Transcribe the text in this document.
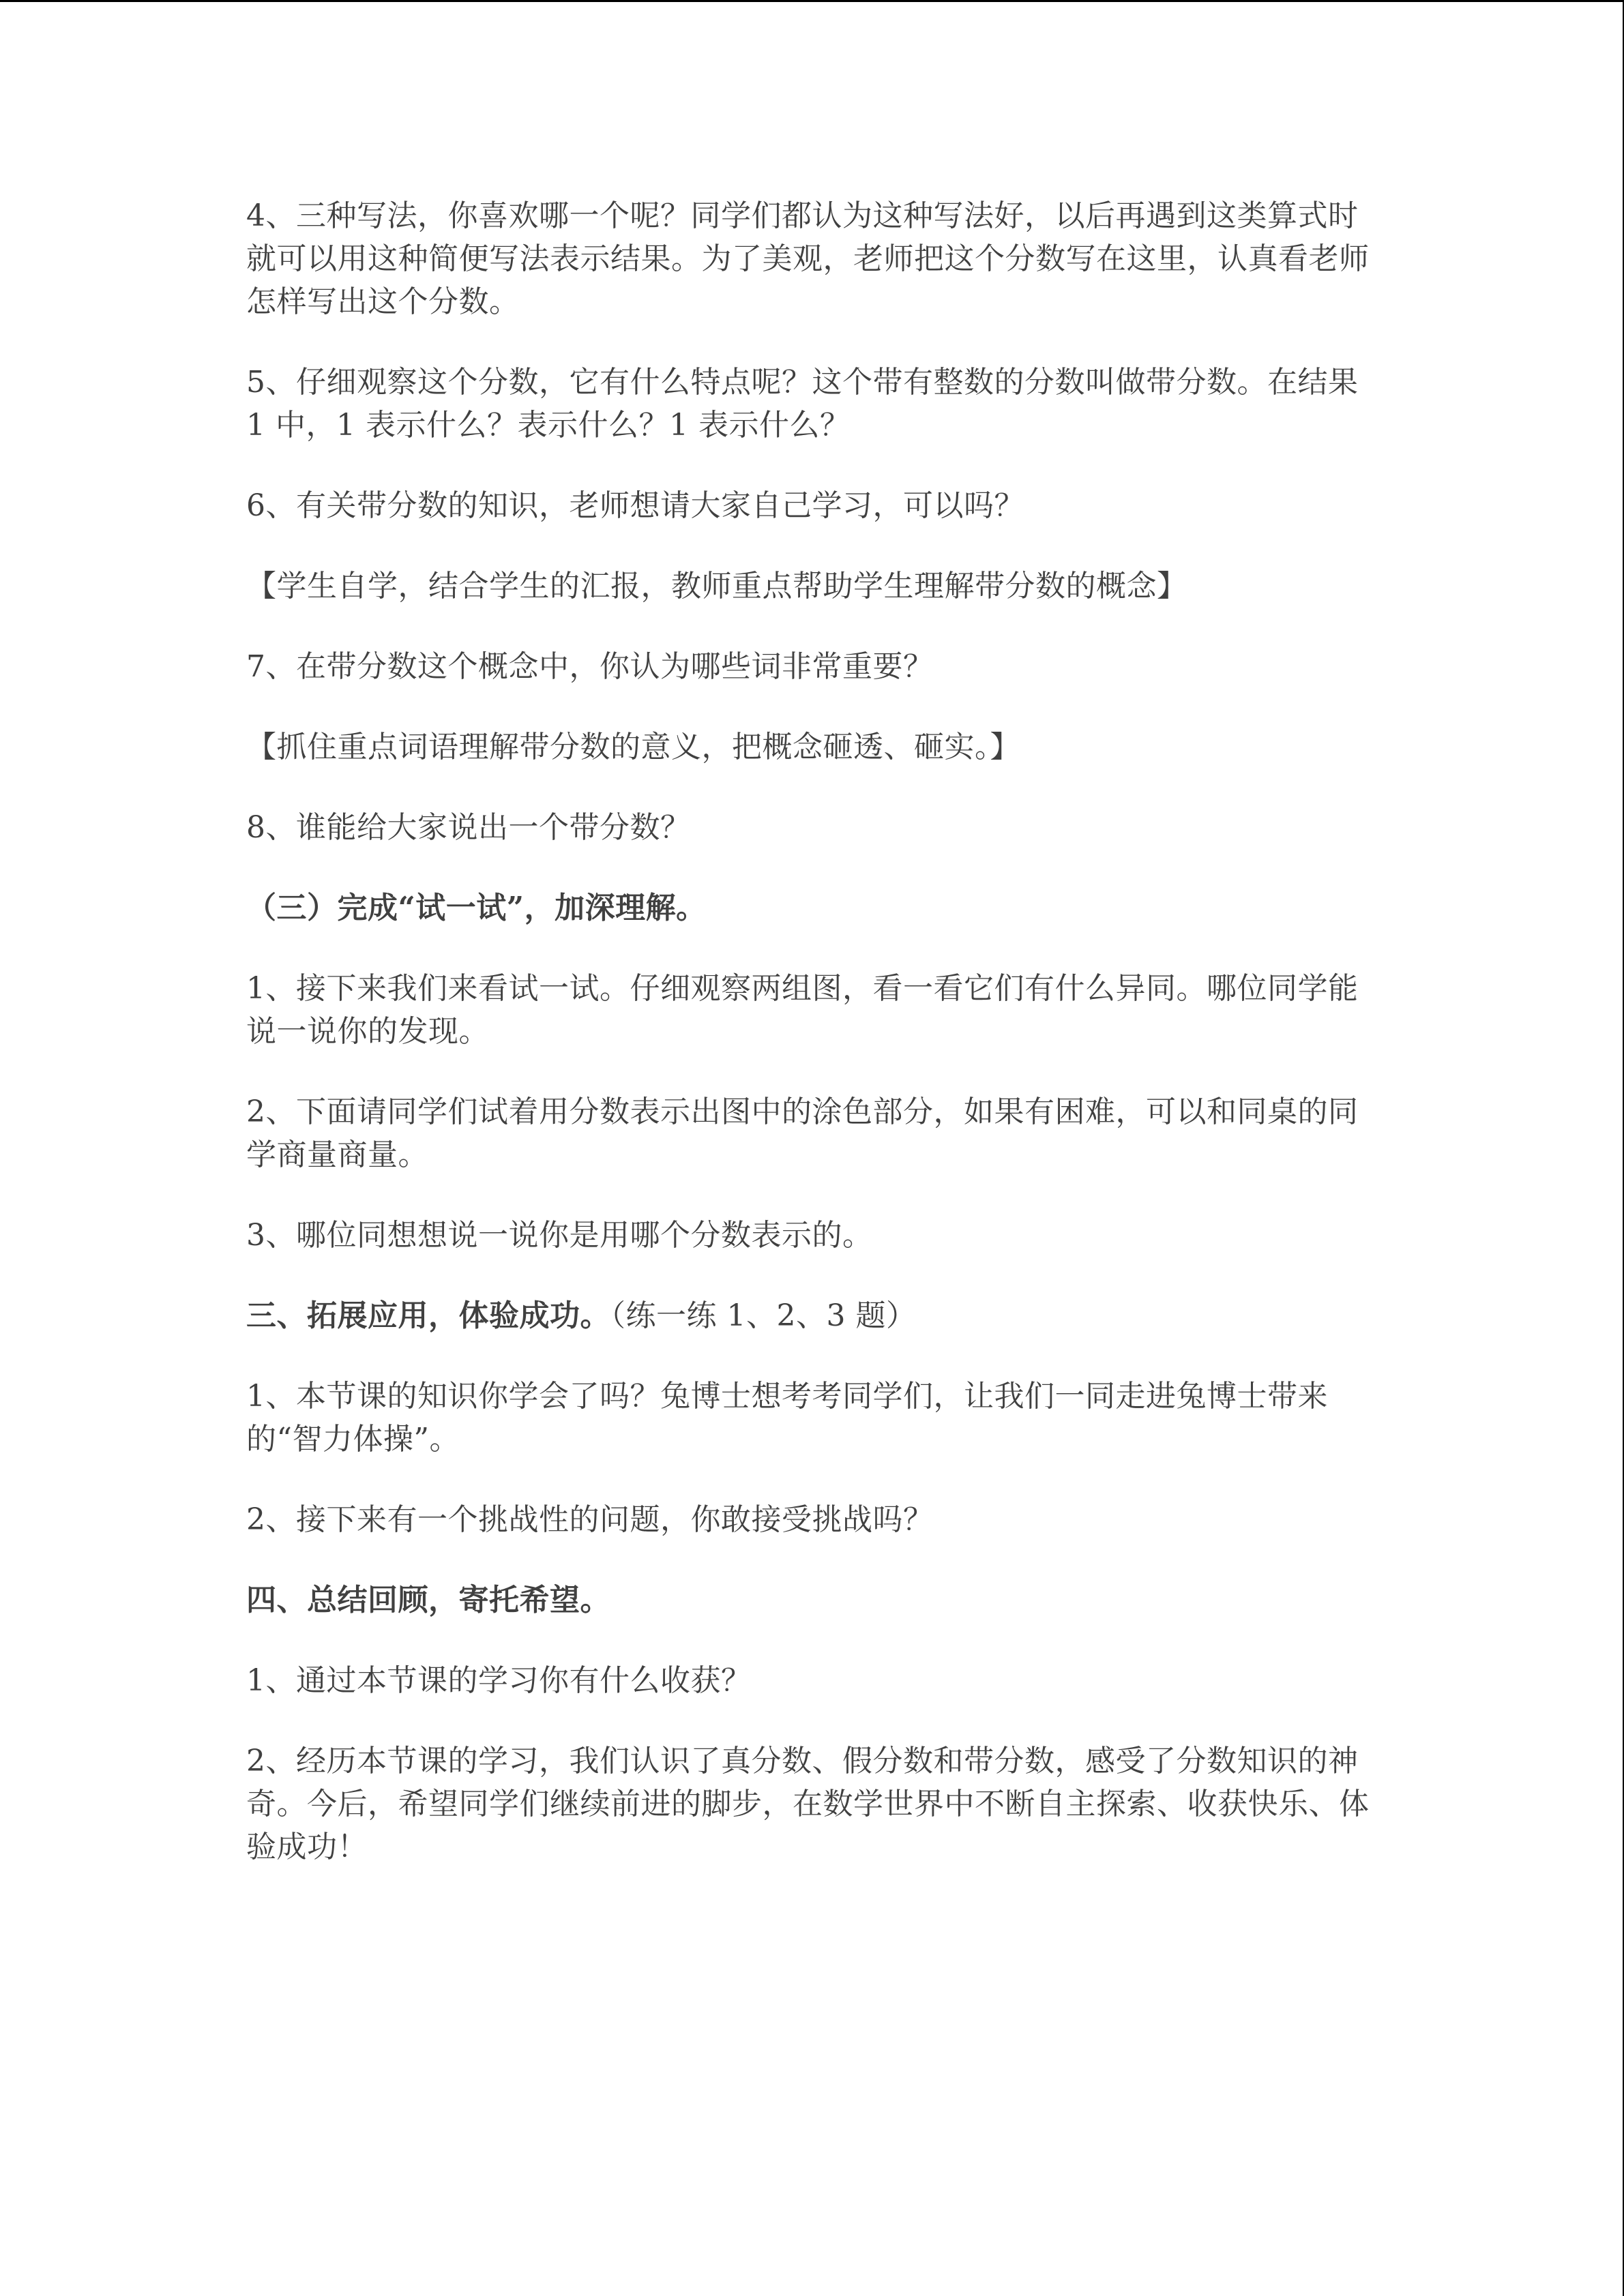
4、三种写法，你喜欢哪一个呢？同学们都认为这种写法好，以后再遇到这类算式时就可以用这种简便写法表示结果。为了美观，老师把这个分数写在这里，认真看老师怎样写出这个分数。

5、仔细观察这个分数，它有什么特点呢？这个带有整数的分数叫做带分数。在结果 1 中，1 表示什么？表示什么？1 表示什么？

6、有关带分数的知识，老师想请大家自己学习，可以吗？

【学生自学，结合学生的汇报，教师重点帮助学生理解带分数的概念】

7、在带分数这个概念中，你认为哪些词非常重要？

【抓住重点词语理解带分数的意义，把概念砸透、砸实。】

8、谁能给大家说出一个带分数？

（三）完成“试一试”，加深理解。

1、接下来我们来看试一试。仔细观察两组图，看一看它们有什么异同。哪位同学能说一说你的发现。

2、下面请同学们试着用分数表示出图中的涂色部分，如果有困难，可以和同桌的同学商量商量。

3、哪位同想想说一说你是用哪个分数表示的。

三、拓展应用，体验成功。（练一练 1、2、3 题）

1、本节课的知识你学会了吗？兔博士想考考同学们，让我们一同走进兔博士带来的“智力体操”。

2、接下来有一个挑战性的问题，你敢接受挑战吗？

四、总结回顾，寄托希望。

1、通过本节课的学习你有什么收获？

2、经历本节课的学习，我们认识了真分数、假分数和带分数，感受了分数知识的神奇。今后，希望同学们继续前进的脚步，在数学世界中不断自主探索、收获快乐、体验成功！
